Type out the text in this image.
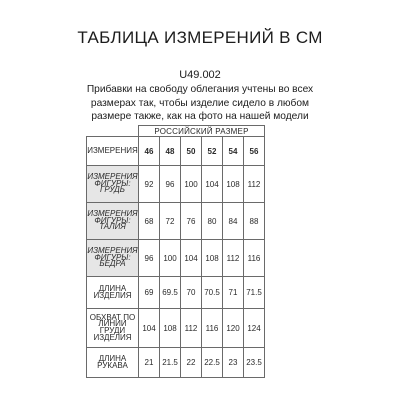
ТАБЛИЦА ИЗМЕРЕНИЙ В СМ
U49.002
Прибавки на свободу облегания учтены во всех размерах так, чтобы изделие сидело в любом размере также, как на фото на нашей модели
	РОССИЙСКИЙ РАЗМЕР					
ИЗМЕРЕНИЯ	46	48	50	52	54	56
ИЗМЕРЕНИЯ ФИГУРЫ: ГРУДЬ	92	96	100	104	108	112
ИЗМЕРЕНИЯ ФИГУРЫ: ТАЛИЯ	68	72	76	80	84	88
ИЗМЕРЕНИЯ ФИГУРЫ: БЕДРА	96	100	104	108	112	116
ДЛИНА ИЗДЕЛИЯ	69	69.5	70	70.5	71	71.5
ОБХВАТ ПО ЛИНИИ ГРУДИ ИЗДЕЛИЯ	104	108	112	116	120	124
ДЛИНА РУКАВА	21	21.5	22	22.5	23	23.5
